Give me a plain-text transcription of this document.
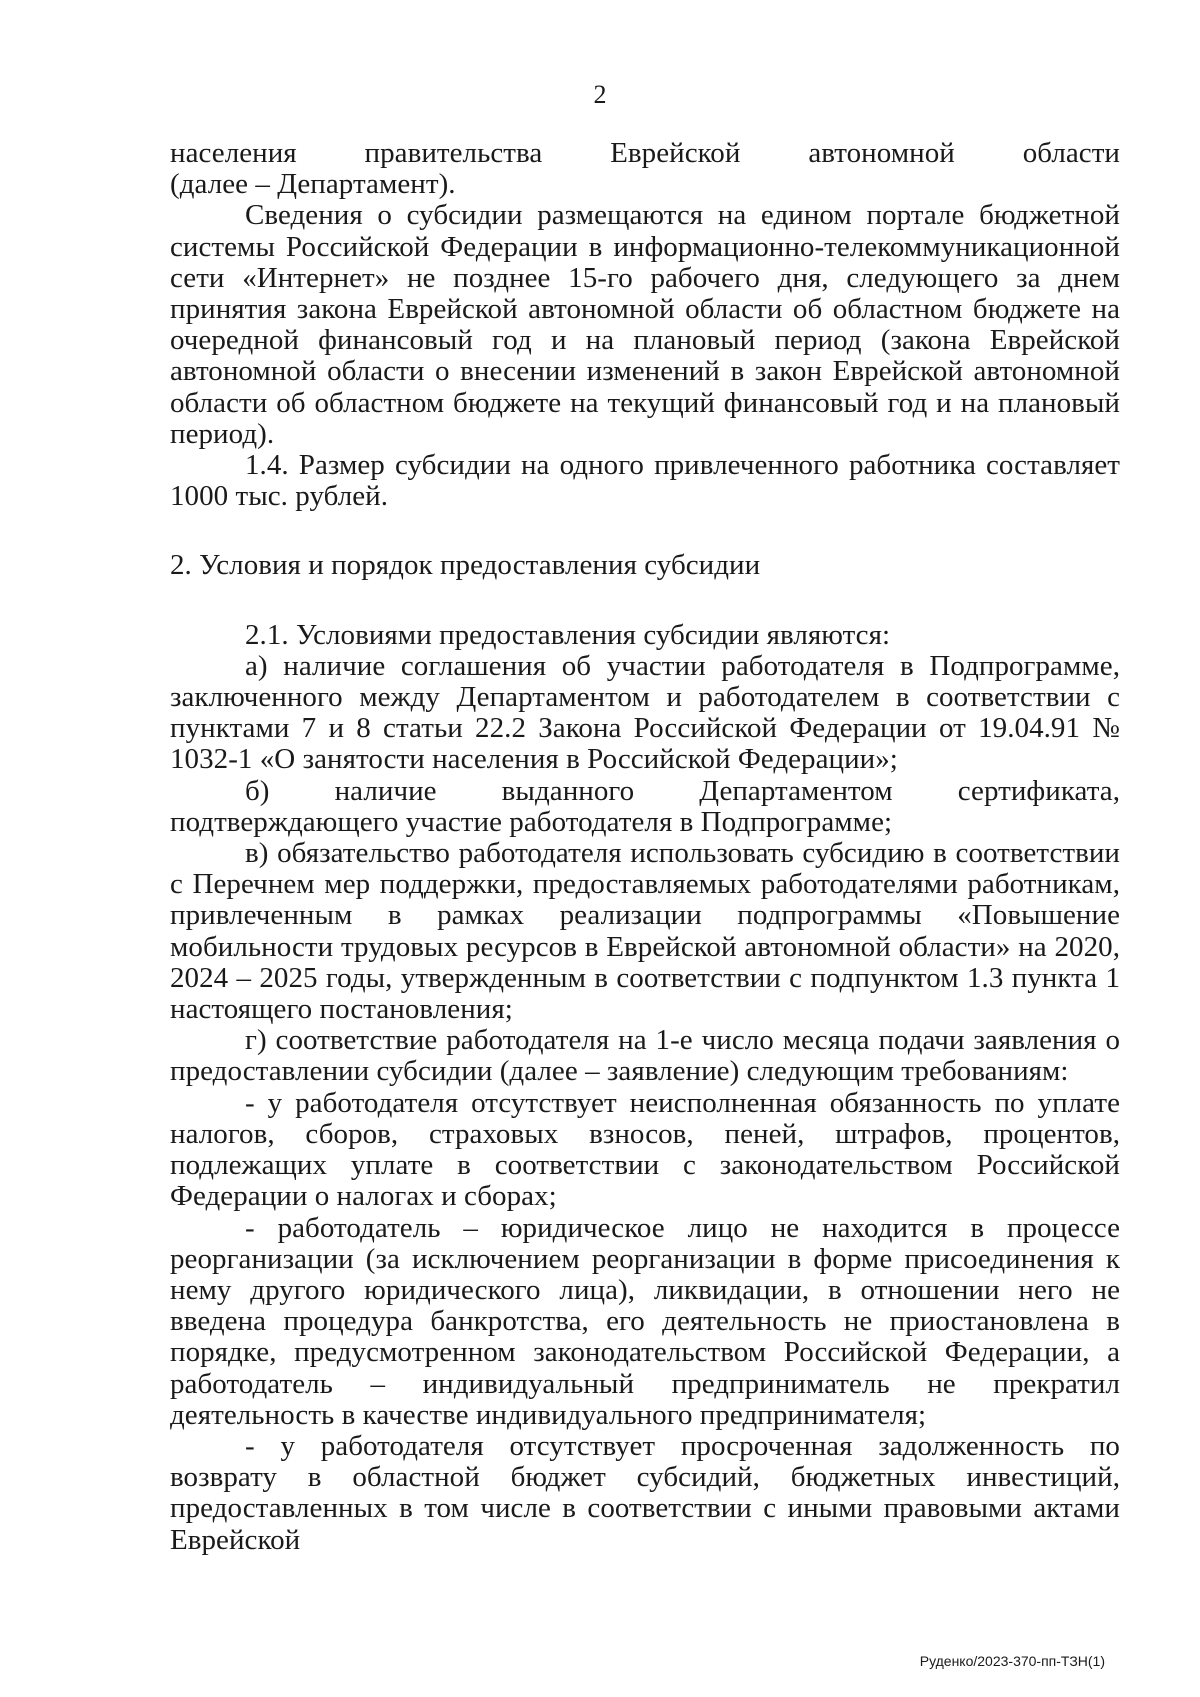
2

населения правительства Еврейской автономной области

(далее – Департамент).

Сведения о субсидии размещаются на едином портале бюджетной системы Российской Федерации в информационно-телекоммуникационной сети «Интернет» не позднее 15-го рабочего дня, следующего за днем принятия закона Еврейской автономной области об областном бюджете на очередной финансовый год и на плановый период (закона Еврейской автономной области о внесении изменений в закон Еврейской автономной области об областном бюджете на текущий финансовый год и на плановый период).

1.4. Размер субсидии на одного привлеченного работника составляет 1000 тыс. рублей.

2. Условия и порядок предоставления субсидии

2.1. Условиями предоставления субсидии являются:

а) наличие соглашения об участии работодателя в Подпрограмме, заключенного между Департаментом и работодателем в соответствии с пунктами 7 и 8 статьи 22.2 Закона Российской Федерации от 19.04.91 № 1032-1 «О занятости населения в Российской Федерации»;

б) наличие выданного Департаментом сертификата, подтверждающего участие работодателя в Подпрограмме;

в) обязательство работодателя использовать субсидию в соответствии с Перечнем мер поддержки, предоставляемых работодателями работникам, привлеченным в рамках реализации подпрограммы «Повышение мобильности трудовых ресурсов в Еврейской автономной области» на 2020, 2024 – 2025 годы, утвержденным в соответствии с подпунктом 1.3 пункта 1 настоящего постановления;

г) соответствие работодателя на 1-е число месяца подачи заявления о предоставлении субсидии (далее – заявление) следующим требованиям:

- у работодателя отсутствует неисполненная обязанность по уплате налогов, сборов, страховых взносов, пеней, штрафов, процентов, подлежащих уплате в соответствии с законодательством Российской Федерации о налогах и сборах;

- работодатель – юридическое лицо не находится в процессе реорганизации (за исключением реорганизации в форме присоединения к нему другого юридического лица), ликвидации, в отношении него не введена процедура банкротства, его деятельность не приостановлена в порядке, предусмотренном законодательством Российской Федерации, а работодатель – индивидуальный предприниматель не прекратил деятельность в качестве индивидуального предпринимателя;

- у работодателя отсутствует просроченная задолженность по возврату в областной бюджет субсидий, бюджетных инвестиций, предоставленных в том числе в соответствии с иными правовыми актами Еврейской

Руденко/2023-370-пп-ТЗН(1)
